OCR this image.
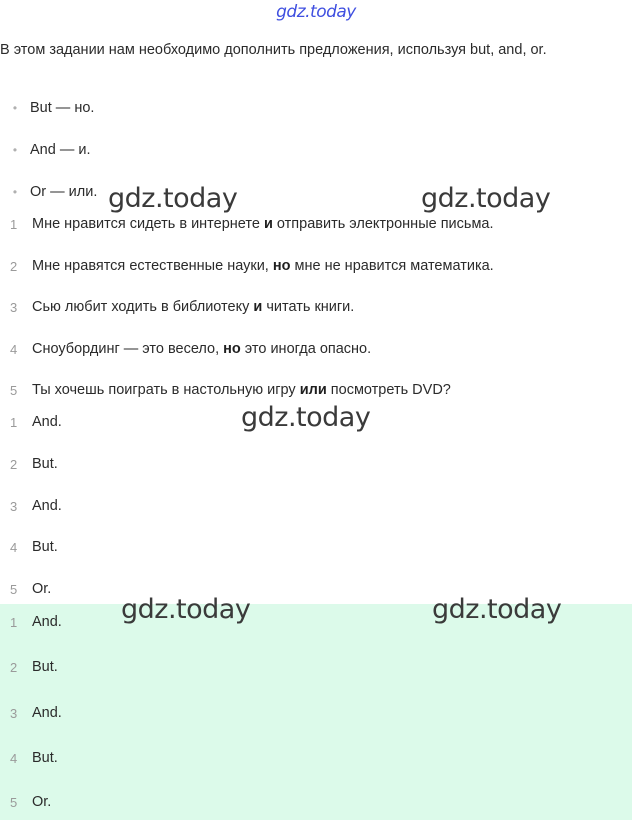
gdz.today
В этом задании нам необходимо дополнить предложения, используя but, and, or.
• But — но.
• And — и.
• Or — или.
1	Мне нравится сидеть в интернете и отправить электронные письма.
2	Мне нравятся естественные науки, но мне не нравится математика.
3	Сью любит ходить в библиотеку и читать книги.
4	Сноубординг — это весело, но это иногда опасно.
5	Ты хочешь поиграть в настольную игру или посмотреть DVD?
1	And.
2	But.
3	And.
4	But.
5	Or.
1	And.
2	But.
3	And.
4	But.
5	Or.
gdz.today	gdz.today
gdz.today
gdz.today	gdz.today
